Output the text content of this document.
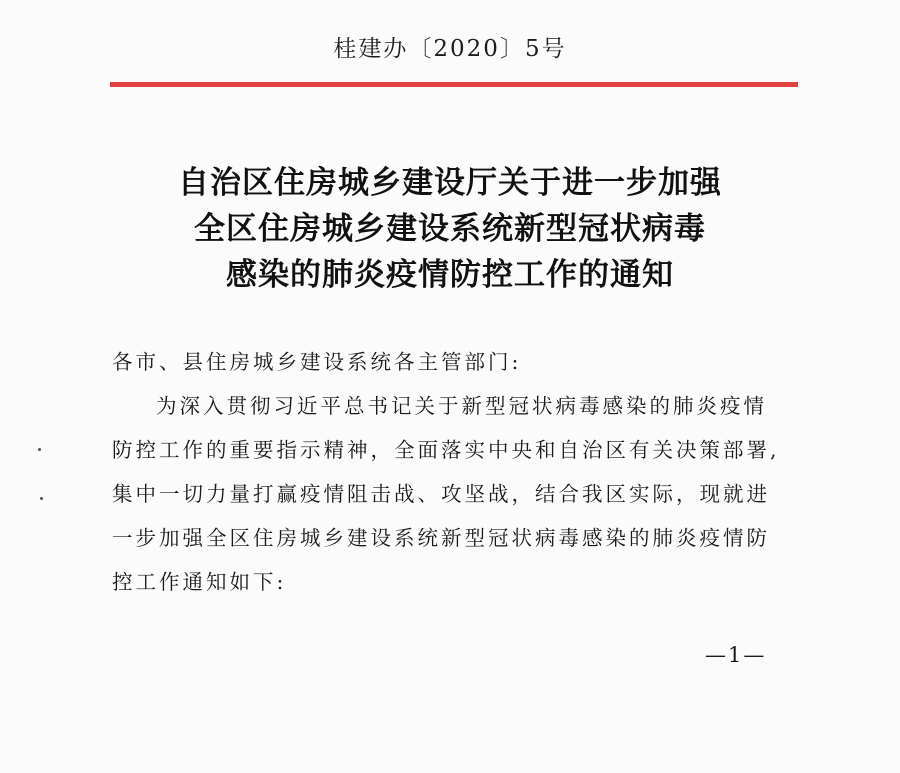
桂建办〔2020〕5号
自治区住房城乡建设厅关于进一步加强
全区住房城乡建设系统新型冠状病毒
感染的肺炎疫情防控工作的通知
各市、县住房城乡建设系统各主管部门:
为深入贯彻习近平总书记关于新型冠状病毒感染的肺炎疫情
防控工作的重要指示精神，全面落实中央和自治区有关决策部署,
集中一切力量打赢疫情阻击战、攻坚战，结合我区实际，现就进
一步加强全区住房城乡建设系统新型冠状病毒感染的肺炎疫情防
控工作通知如下:
—1—
